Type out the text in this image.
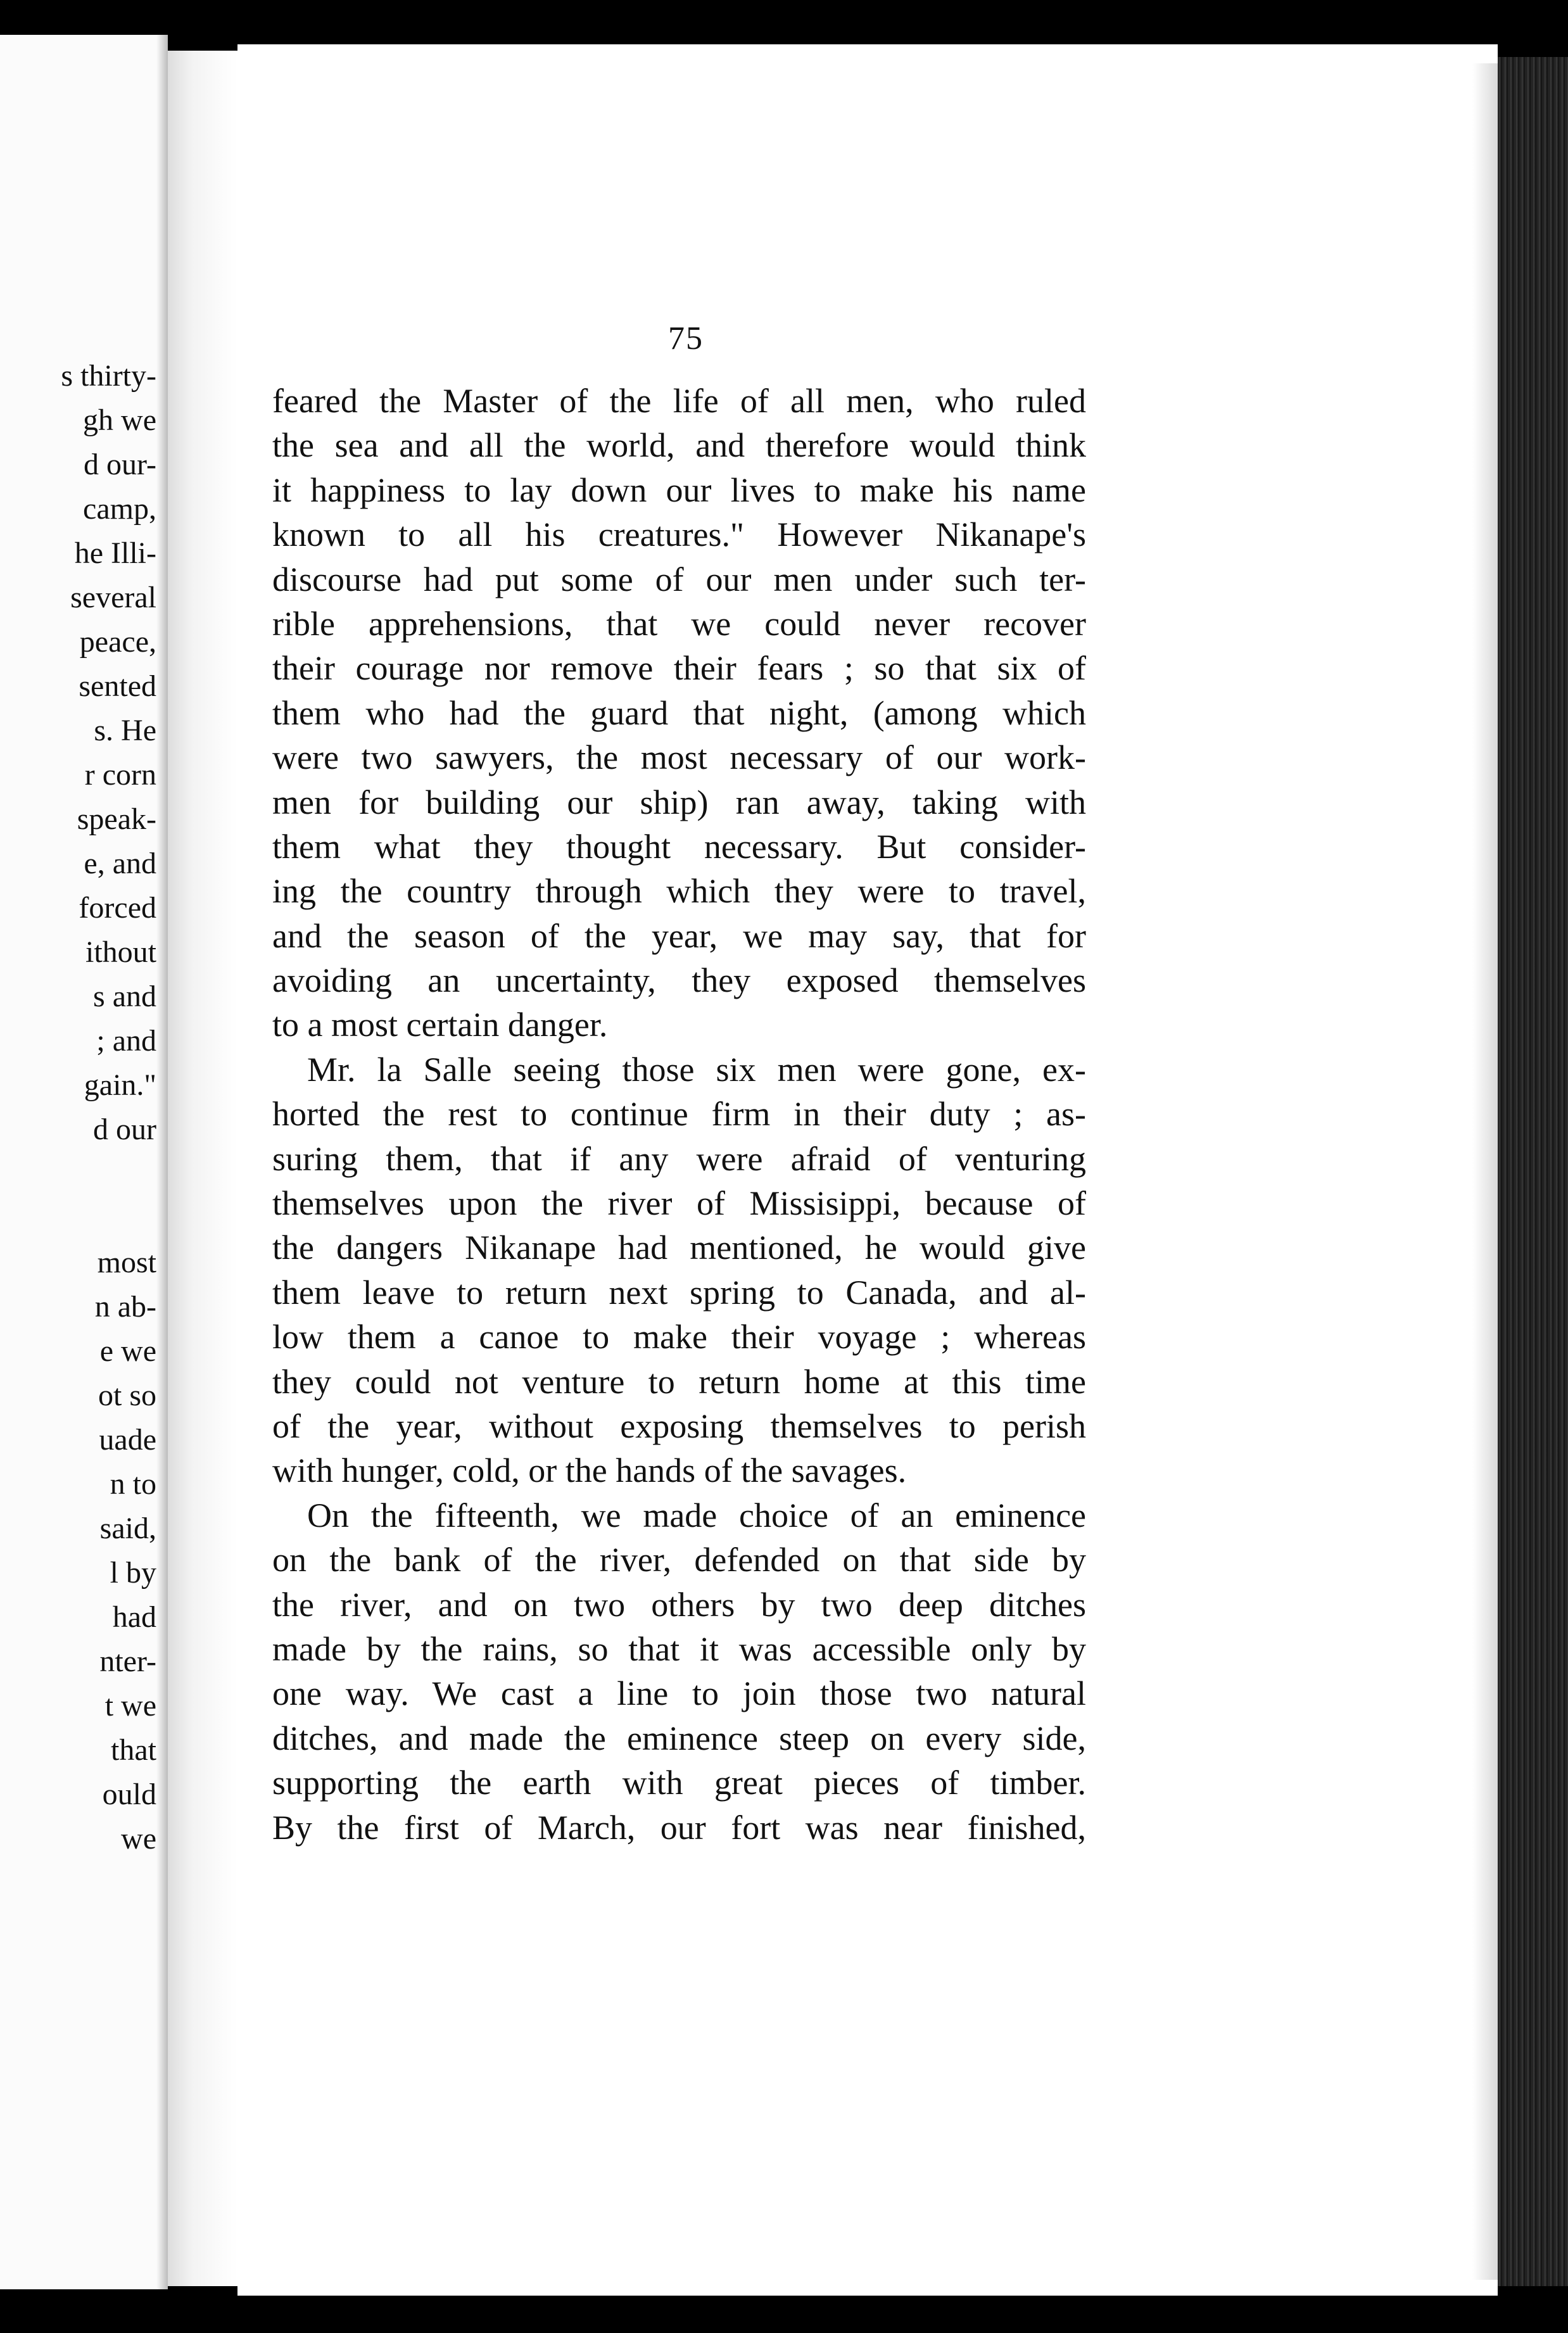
s thirty-
gh we
d our-
camp,
he Illi-
several
peace,
sented
s. He
r corn
speak-
e, and
forced
ithout
s and
; and
gain."
d our
most
n ab-
e we
ot so
uade
n to
said,
l by
had
nter-
t we
that
ould
we
75
feared the Master of the life of all men, who ruled
the sea and all the world, and therefore would think
it happiness to lay down our lives to make his name
known to all his creatures." However Nikanape's
discourse had put some of our men under such ter-
rible apprehensions, that we could never recover
their courage nor remove their fears ; so that six of
them who had the guard that night, (among which
were two sawyers, the most necessary of our work-
men for building our ship) ran away, taking with
them what they thought necessary. But consider-
ing the country through which they were to travel,
and the season of the year, we may say, that for
avoiding an uncertainty, they exposed themselves
to a most certain danger.
Mr. la Salle seeing those six men were gone, ex-
horted the rest to continue firm in their duty ; as-
suring them, that if any were afraid of venturing
themselves upon the river of Missisippi, because of
the dangers Nikanape had mentioned, he would give
them leave to return next spring to Canada, and al-
low them a canoe to make their voyage ; whereas
they could not venture to return home at this time
of the year, without exposing themselves to perish
with hunger, cold, or the hands of the savages.
On the fifteenth, we made choice of an eminence
on the bank of the river, defended on that side by
the river, and on two others by two deep ditches
made by the rains, so that it was accessible only by
one way. We cast a line to join those two natural
ditches, and made the eminence steep on every side,
supporting the earth with great pieces of timber.
By the first of March, our fort was near finished,
